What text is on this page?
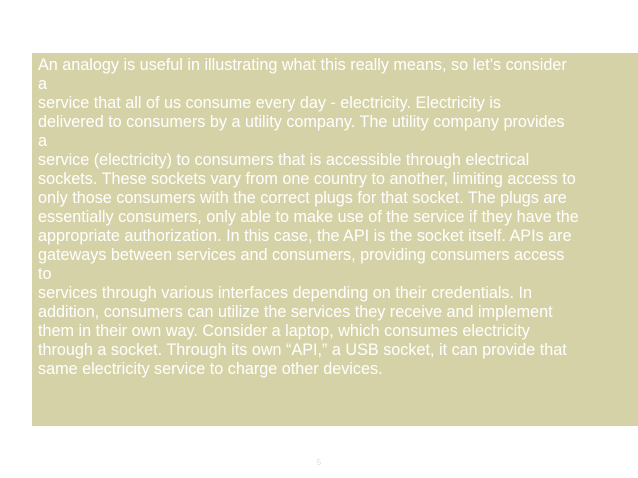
An analogy is useful in illustrating what this really means, so let’s consider
a
service that all of us consume every day - electricity. Electricity is
delivered to consumers by a utility company. The utility company provides
a
service (electricity) to consumers that is accessible through electrical
sockets. These sockets vary from one country to another, limiting access to
only those consumers with the correct plugs for that socket. The plugs are
essentially consumers, only able to make use of the service if they have the
appropriate authorization. In this case, the API is the socket itself. APIs are
gateways between services and consumers, providing consumers access
to
services through various interfaces depending on their credentials. In
addition, consumers can utilize the services they receive and implement
them in their own way. Consider a laptop, which consumes electricity
through a socket. Through its own “API,” a USB socket, it can provide that
same electricity service to charge other devices.
5
